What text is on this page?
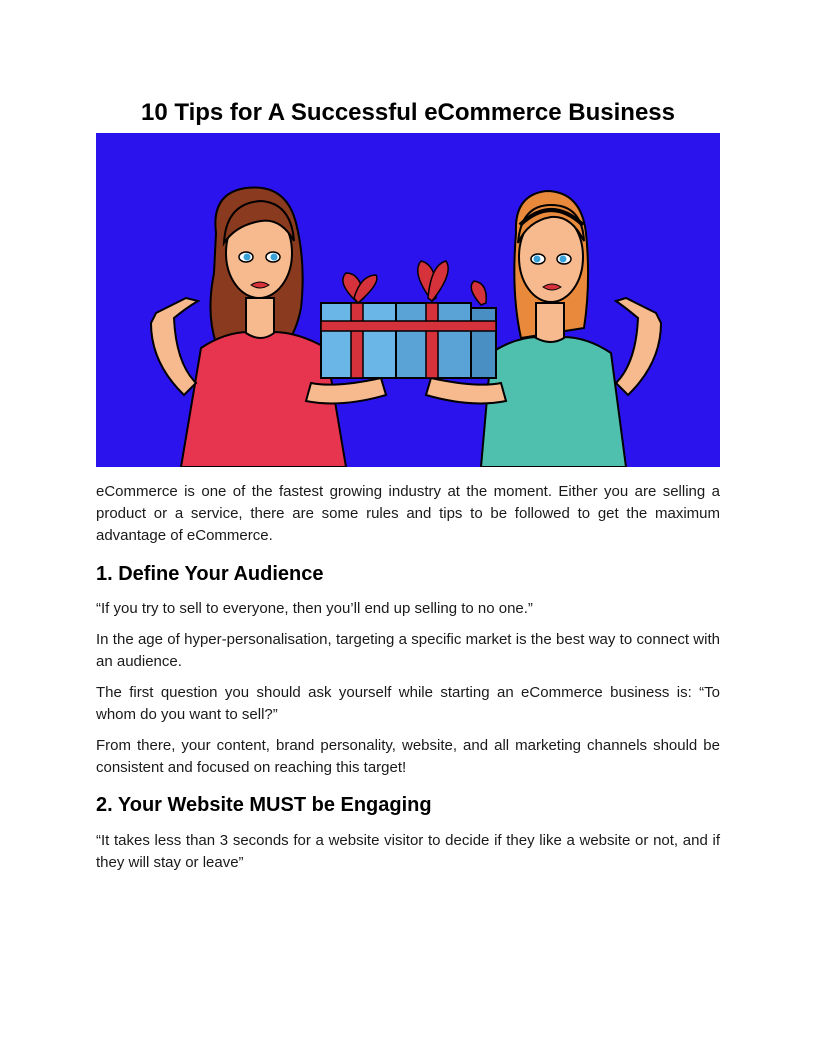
10 Tips for A Successful eCommerce Business

eCommerce is one of the fastest growing industry at the moment. Either you are selling a product or a service, there are some rules and tips to be followed to get the maximum advantage of eCommerce.

1. Define Your Audience

“If you try to sell to everyone, then you’ll end up selling to no one.”

In the age of hyper-personalisation, targeting a specific market is the best way to connect with an audience.

The first question you should ask yourself while starting an eCommerce business is: “To whom do you want to sell?”

From there, your content, brand personality, website, and all marketing channels should be consistent and focused on reaching this target!

2. Your Website MUST be Engaging

“It takes less than 3 seconds for a website visitor to decide if they like a website or not, and if they will stay or leave”
